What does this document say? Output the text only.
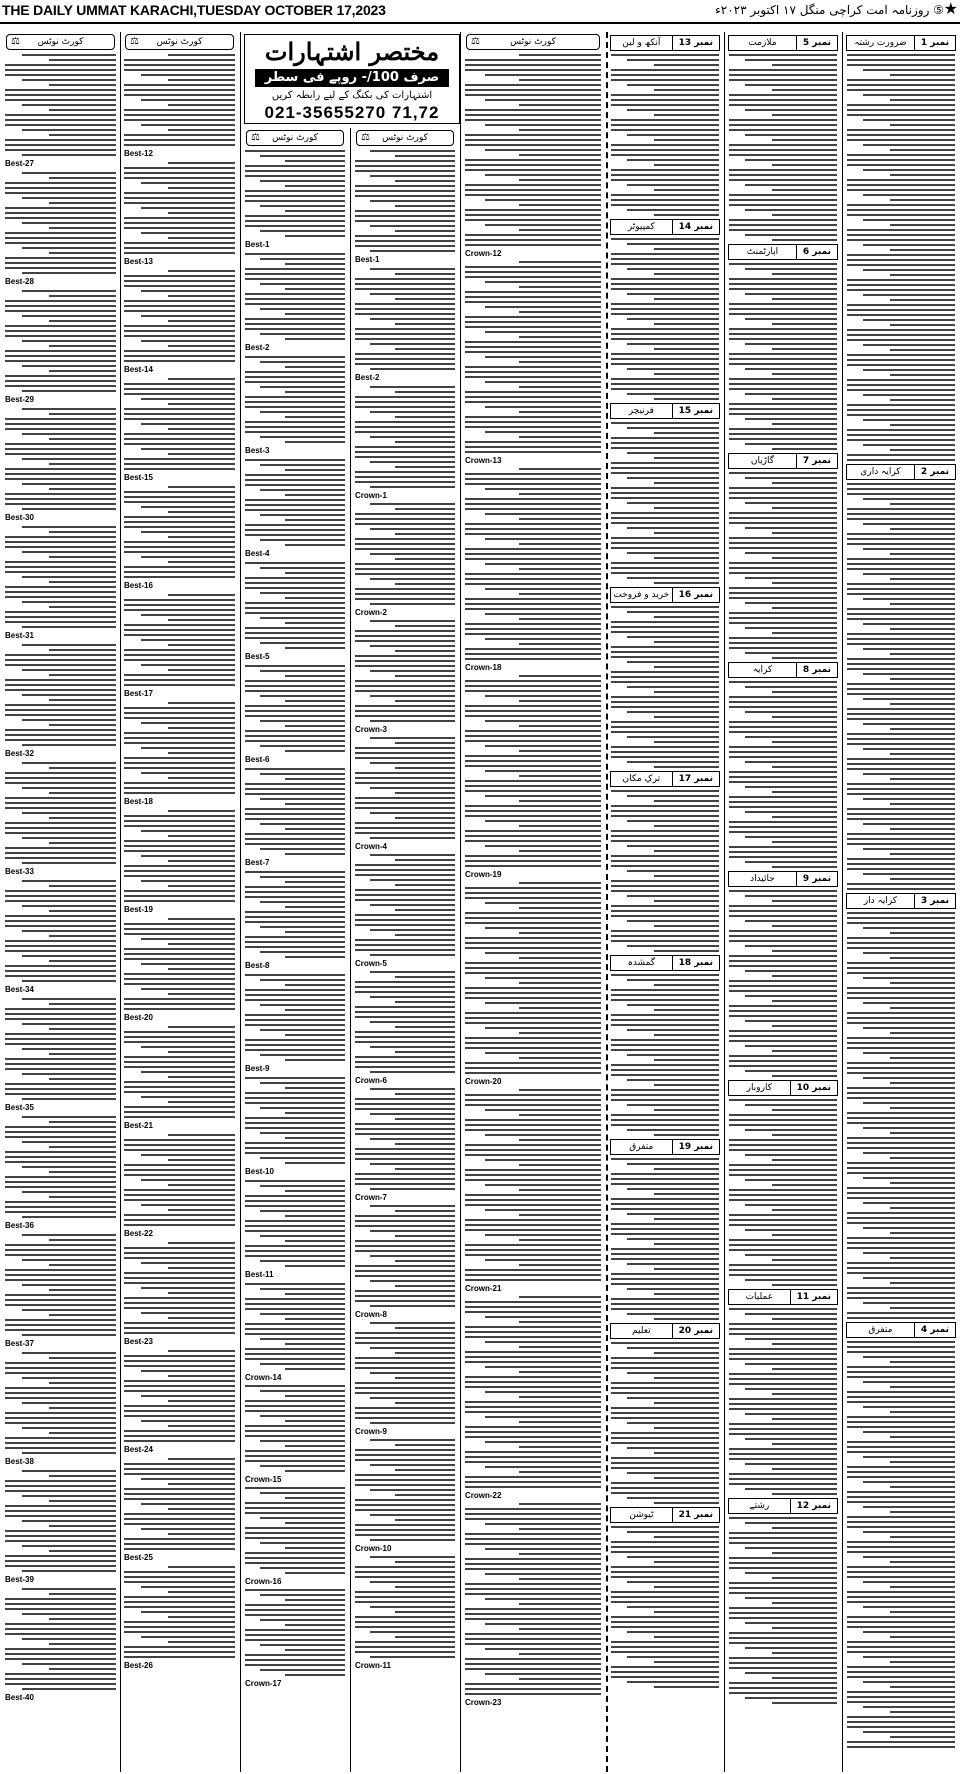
THE DAILY UMMAT KARACHI,TUESDAY OCTOBER 17,2023	⑤ روزنامہ امت کراچی منگل ۱۷ اکتوبر ۲۰۲۳ء ★
⚖ کورٹ نوٹس
Best-12
Best-13
Best-14
Best-15
Best-16
Best-17
Best-18
Best-19
Best-20
Best-21
Best-22
Best-23
Best-24
Best-25
Best-26
⚖ کورٹ نوٹس
Best-27
Best-28
Best-29
Best-30
Best-31
Best-32
Best-33
Best-34
Best-35
Best-36
Best-37
Best-38
Best-39
Best-40
⚖ کورٹ نوٹس
Best-1
Best-2
Best-3
Best-4
Best-5
Best-6
Best-7
Best-8
Best-9
Best-10
Best-11
Crown-14
Crown-15
Crown-16
Crown-17
⚖ کورٹ نوٹس
Best-1
Best-2
Crown-1
Crown-2
Crown-3
Crown-4
Crown-5
Crown-6
Crown-7
Crown-8
Crown-9
Crown-10
Crown-11
⚖	کورٹ نوٹس
Crown-12
Crown-13
Crown-18
Crown-19
Crown-20
Crown-21
Crown-22
Crown-23
نمبر 13
آنکھ و لین
نمبر 14
کمپیوٹر
نمبر 15
فرنیچر
نمبر 16
خرید و فروخت
نمبر 17
ترکِ مکان
نمبر 18
گمشدہ
نمبر 19
متفرق
نمبر 20
تعلیم
نمبر 21
ٹیوشن
نمبر 5
ملازمت
نمبر 6
اپارٹمنٹ
نمبر 7
گاڑیاں
نمبر 8
کرایہ
نمبر 9
جائیداد
نمبر 10
کاروبار
نمبر 11
عملیات
نمبر 12
رشتے
نمبر 1
ضرورت رشتہ
نمبر 2
کرایہ داری
نمبر 3
کرایہ دار
نمبر 4
متفرق
مختصر اشتہارات
صرف 100/- روپے فی سطر
اشتہارات کی بکنگ کے لیے رابطہ کریں
021-35655270 71,72
